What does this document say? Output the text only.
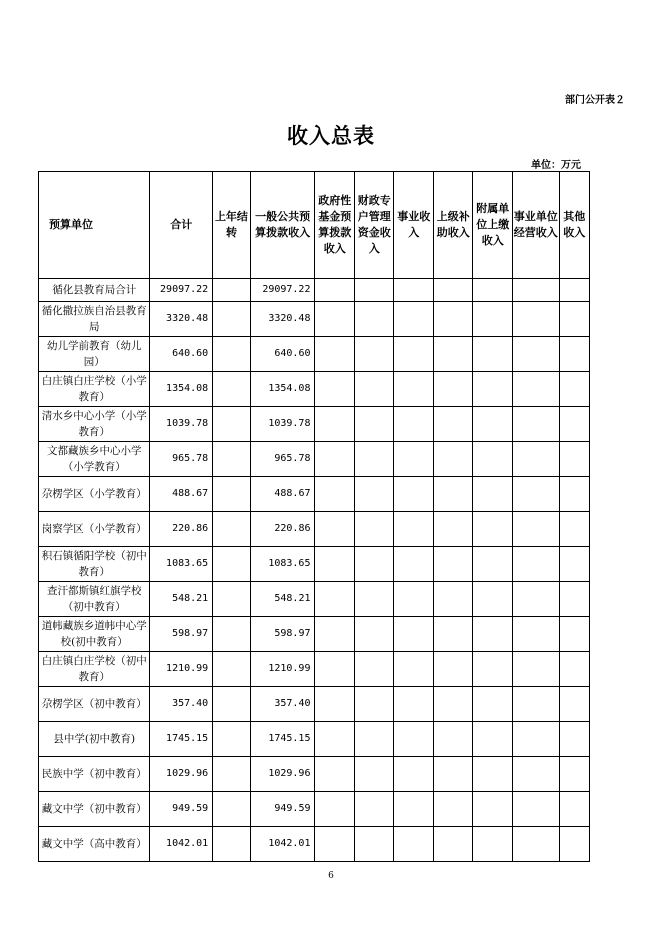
部门公开表２
收入总表
单位：万元
预算单位	合计	上年结转	一般公共预算拨款收入	政府性基金预算拨款收入	财政专户管理资金收入	事业收入	上级补助收入	附属单位上缴收入	事业单位经营收入	其他收入
循化县教育局合计	29097.22		29097.22							
循化撒拉族自治县教育局	3320.48		3320.48							
幼儿学前教育（幼儿园）	640.60		640.60							
白庄镇白庄学校（小学教育）	1354.08		1354.08							
清水乡中心小学（小学教育）	1039.78		1039.78							
文都藏族乡中心小学（小学教育）	965.78		965.78							
尕楞学区（小学教育）	488.67		488.67							
岗察学区（小学教育）	220.86		220.86							
积石镇循阳学校（初中教育）	1083.65		1083.65							
查汗都斯镇红旗学校（初中教育）	548.21		548.21							
道帏藏族乡道帏中心学校(初中教育）	598.97		598.97							
白庄镇白庄学校（初中教育）	1210.99		1210.99							
尕楞学区（初中教育）	357.40		357.40							
县中学(初中教育)	1745.15		1745.15							
民族中学（初中教育）	1029.96		1029.96							
藏文中学（初中教育）	949.59		949.59							
藏文中学（高中教育）	1042.01		1042.01							
6
